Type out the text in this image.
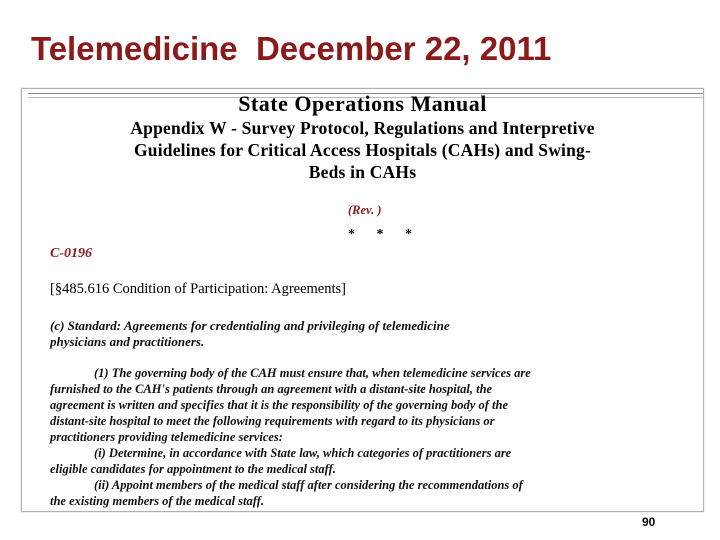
Telemedicine  December 22, 2011
State Operations Manual
Appendix W - Survey Protocol, Regulations and Interpretive
Guidelines for Critical Access Hospitals (CAHs) and Swing-
Beds in CAHs
(Rev. )
* * *
C-0196
[§485.616 Condition of Participation: Agreements]
(c) Standard: Agreements for credentialing and privileging of telemedicine
physicians and practitioners.
(1) The governing body of the CAH must ensure that, when telemedicine services are
furnished to the CAH's patients through an agreement with a distant-site hospital, the
agreement is written and specifies that it is the responsibility of the governing body of the
distant-site hospital to meet the following requirements with regard to its physicians or
practitioners providing telemedicine services:
(i) Determine, in accordance with State law, which categories of practitioners are
eligible candidates for appointment to the medical staff.
(ii) Appoint members of the medical staff after considering the recommendations of
the existing members of the medical staff.
90
